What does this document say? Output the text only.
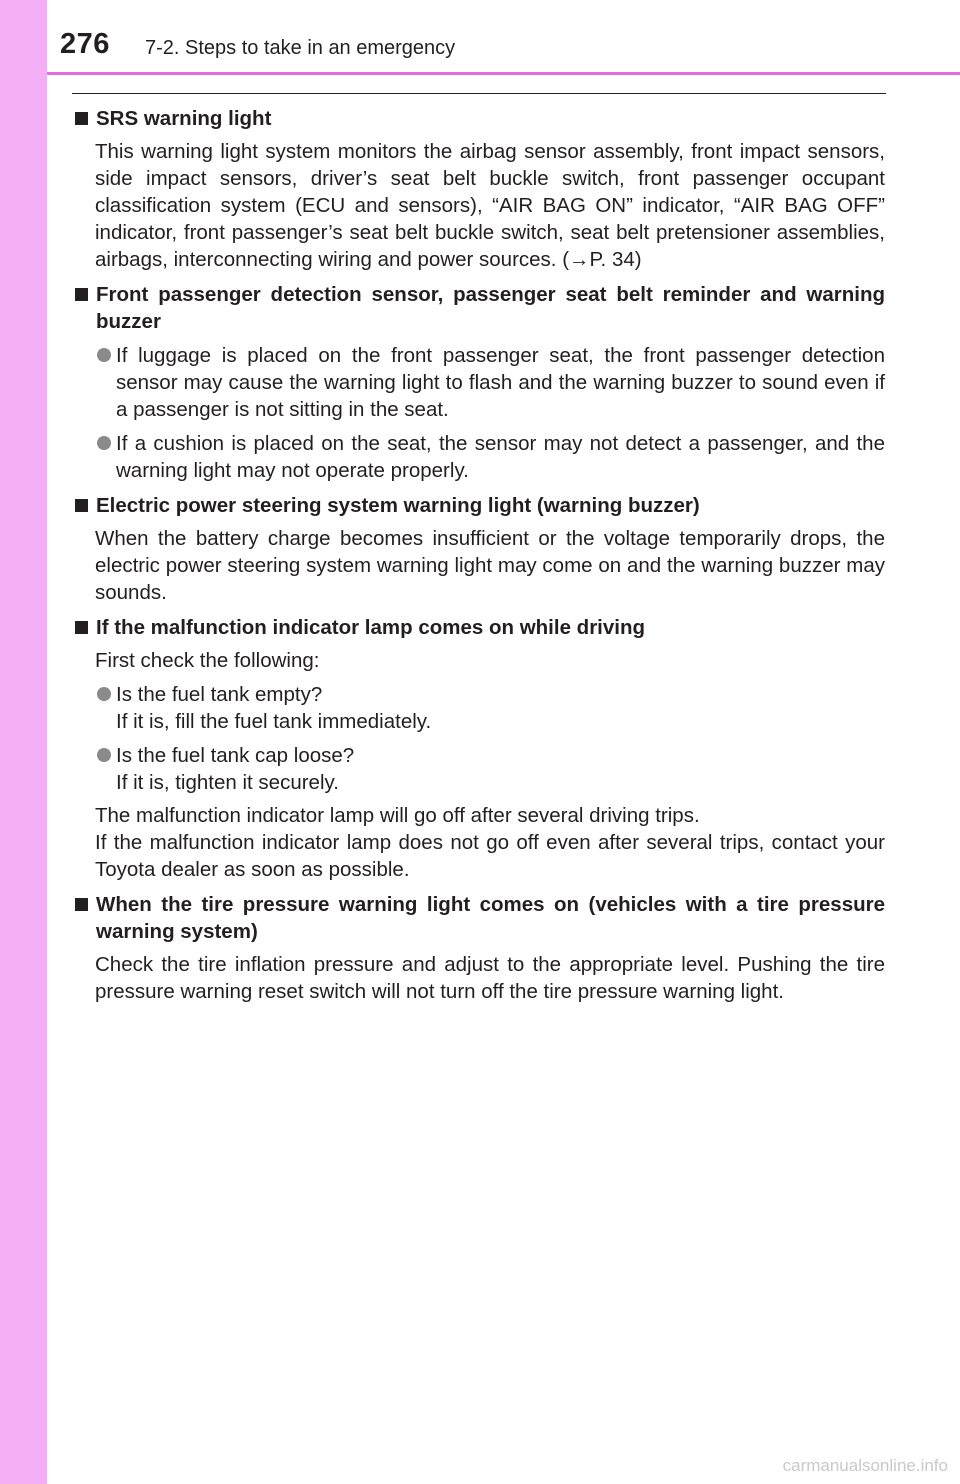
276 7-2. Steps to take in an emergency
SRS warning light
This warning light system monitors the airbag sensor assembly, front impact sensors, side impact sensors, driver’s seat belt buckle switch, front passenger occupant classification system (ECU and sensors), “AIR BAG ON” indicator, “AIR BAG OFF” indicator, front passenger’s seat belt buckle switch, seat belt pretensioner assemblies, airbags, interconnecting wiring and power sources. (→P. 34)
Front passenger detection sensor, passenger seat belt reminder and warning buzzer
If luggage is placed on the front passenger seat, the front passenger detection sensor may cause the warning light to flash and the warning buzzer to sound even if a passenger is not sitting in the seat.
If a cushion is placed on the seat, the sensor may not detect a passenger, and the warning light may not operate properly.
Electric power steering system warning light (warning buzzer)
When the battery charge becomes insufficient or the voltage temporarily drops, the electric power steering system warning light may come on and the warning buzzer may sounds.
If the malfunction indicator lamp comes on while driving
First check the following:
Is the fuel tank empty?
If it is, fill the fuel tank immediately.
Is the fuel tank cap loose?
If it is, tighten it securely.
The malfunction indicator lamp will go off after several driving trips.
If the malfunction indicator lamp does not go off even after several trips, contact your Toyota dealer as soon as possible.
When the tire pressure warning light comes on (vehicles with a tire pressure warning system)
Check the tire inflation pressure and adjust to the appropriate level. Pushing the tire pressure warning reset switch will not turn off the tire pressure warning light.
carmanualsonline.info
